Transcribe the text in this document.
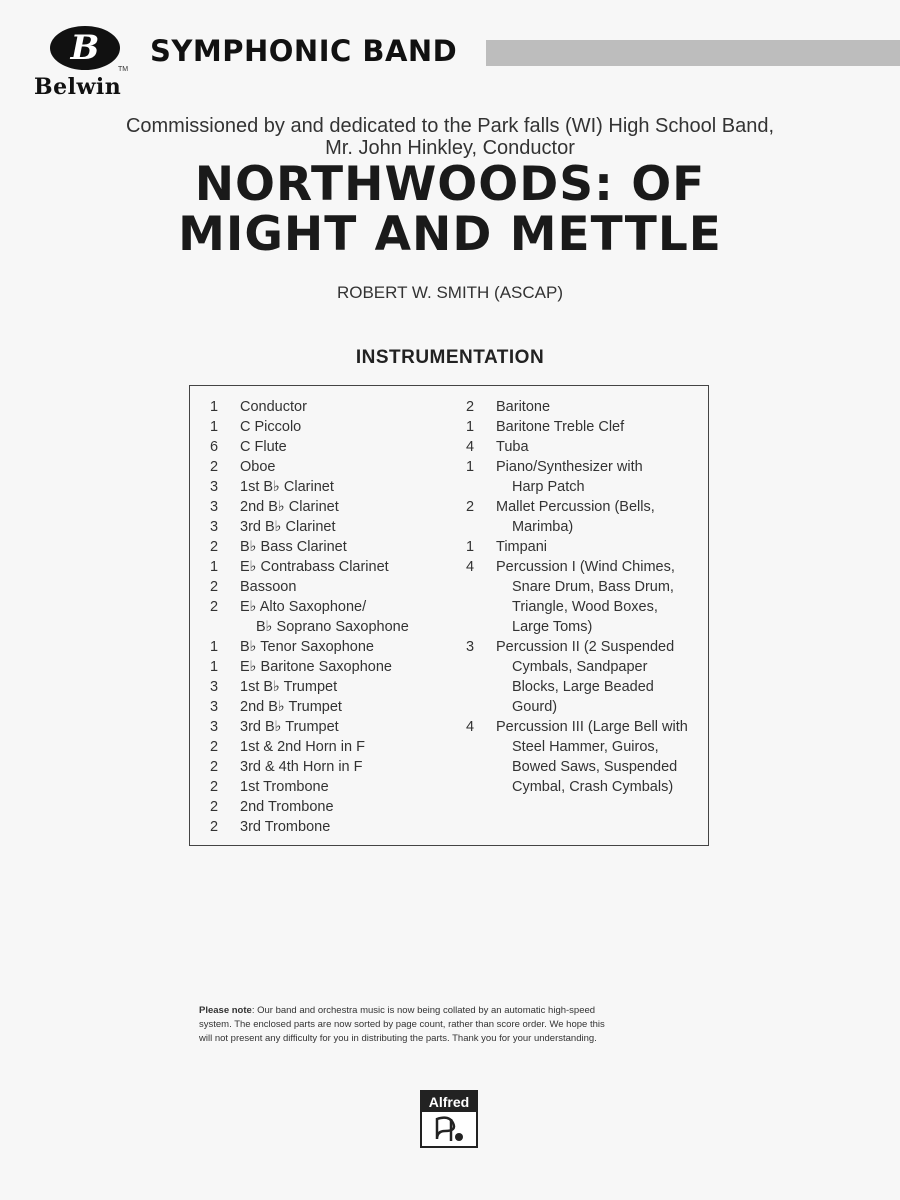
B
TM
Belwin
SYMPHONIC BAND
Commissioned by and dedicated to the Park falls (WI) High School Band,
Mr. John Hinkley, Conductor
NORTHWOODS: OF
MIGHT AND METTLE
ROBERT W. SMITH (ASCAP)
INSTRUMENTATION
1	Conductor
1	C Piccolo
6	C Flute
2	Oboe
3	1st B♭ Clarinet
3	2nd B♭ Clarinet
3	3rd B♭ Clarinet
2	B♭ Bass Clarinet
1	E♭ Contrabass Clarinet
2	Bassoon
2	E♭ Alto Saxophone/
B♭ Soprano Saxophone
1	B♭ Tenor Saxophone
1	E♭ Baritone Saxophone
3	1st B♭ Trumpet
3	2nd B♭ Trumpet
3	3rd B♭ Trumpet
2	1st & 2nd Horn in F
2	3rd & 4th Horn in F
2	1st Trombone
2	2nd Trombone
2	3rd Trombone
2	Baritone
1	Baritone Treble Clef
4	Tuba
1	Piano/Synthesizer with
Harp Patch
2	Mallet Percussion (Bells,
Marimba)
1	Timpani
4	Percussion I (Wind Chimes,
Snare Drum, Bass Drum,
Triangle, Wood Boxes,
Large Toms)
3	Percussion II (2 Suspended
Cymbals, Sandpaper
Blocks, Large Beaded
Gourd)
4	Percussion III (Large Bell with
Steel Hammer, Guiros,
Bowed Saws, Suspended
Cymbal, Crash Cymbals)
Please note: Our band and orchestra music is now being collated by an automatic high-speed
system. The enclosed parts are now sorted by page count, rather than score order. We hope this
will not present any difficulty for you in distributing the parts. Thank you for your understanding.
Alfred
